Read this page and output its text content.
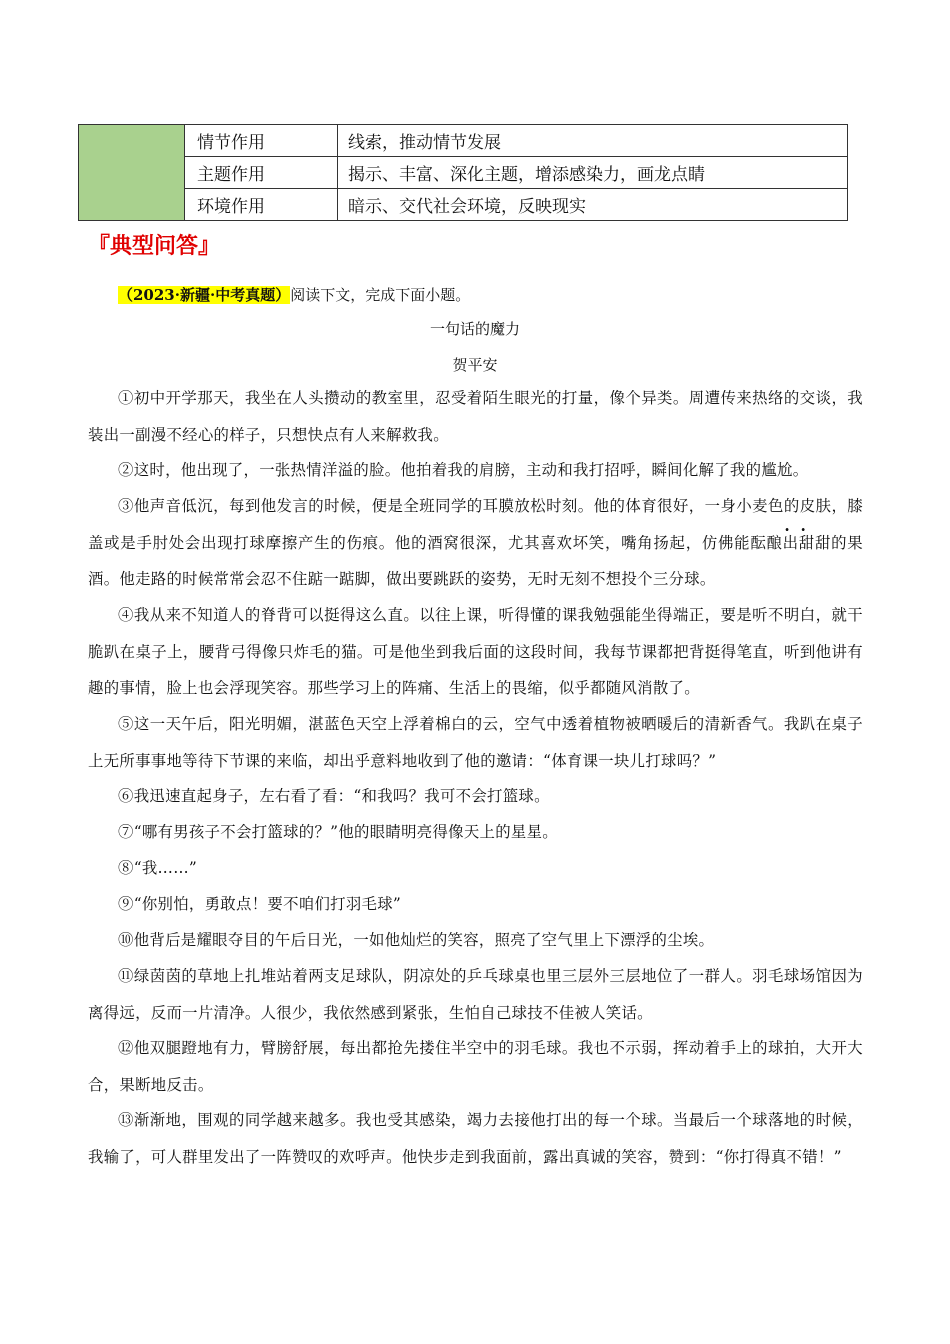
	情节作用	线索，推动情节发展
	主题作用	揭示、丰富、深化主题，增添感染力，画龙点睛
	环境作用	暗示、交代社会环境，反映现实
『典型问答』
（2023·新疆·中考真题）阅读下文，完成下面小题。
一句话的魔力
贺平安
①初中开学那天，我坐在人头攒动的教室里，忍受着陌生眼光的打量，像个异类。周遭传来热络的交谈，我装出一副漫不经心的样子，只想快点有人来解救我。
②这时，他出现了，一张热情洋溢的脸。他拍着我的肩膀，主动和我打招呼，瞬间化解了我的尴尬。
③他声音低沉，每到他发言的时候，便是全班同学的耳膜放松时刻。他的体育很好，一身小麦色的皮肤，膝盖或是手肘处会出现打球摩擦产生的伤痕。他的酒窝很深，尤其喜欢坏笑，嘴角扬起，仿佛能· 酝· 酿出甜甜的果酒。他走路的时候常常会忍不住踮一踮脚，做出要跳跃的姿势，无时无刻不想投个三分球。
④我从来不知道人的脊背可以挺得这么直。以往上课，听得懂的课我勉强能坐得端正，要是听不明白，就干脆趴在桌子上，腰背弓得像只炸毛的猫。可是他坐到我后面的这段时间，我每节课都把背挺得笔直，听到他讲有趣的事情，脸上也会浮现笑容。那些学习上的阵痛、生活上的畏缩，似乎都随风消散了。
⑤这一天午后，阳光明媚，湛蓝色天空上浮着棉白的云，空气中透着植物被晒暖后的清新香气。我趴在桌子上无所事事地等待下节课的来临，却出乎意料地收到了他的邀请：“体育课一块儿打球吗？”
⑥我迅速直起身子，左右看了看：“和我吗？我可不会打篮球。
⑦“哪有男孩子不会打篮球的？”他的眼睛明亮得像天上的星星。
⑧“我……”
⑨“你别怕，勇敢点！要不咱们打羽毛球”
⑩他背后是耀眼夺目的午后日光，一如他灿烂的笑容，照亮了空气里上下漂浮的尘埃。
⑪绿茵茵的草地上扎堆站着两支足球队，阴凉处的乒乓球桌也里三层外三层地位了一群人。羽毛球场馆因为离得远，反而一片清净。人很少，我依然感到紧张，生怕自己球技不佳被人笑话。
⑫他双腿蹬地有力，臂膀舒展，每出都抢先搂住半空中的羽毛球。我也不示弱，挥动着手上的球拍，大开大合，果断地反击。
⑬渐渐地，围观的同学越来越多。我也受其感染，竭力去接他打出的每一个球。当最后一个球落地的时候，我输了，可人群里发出了一阵赞叹的欢呼声。他快步走到我面前，露出真诚的笑容，赞到：“你打得真不错！”
